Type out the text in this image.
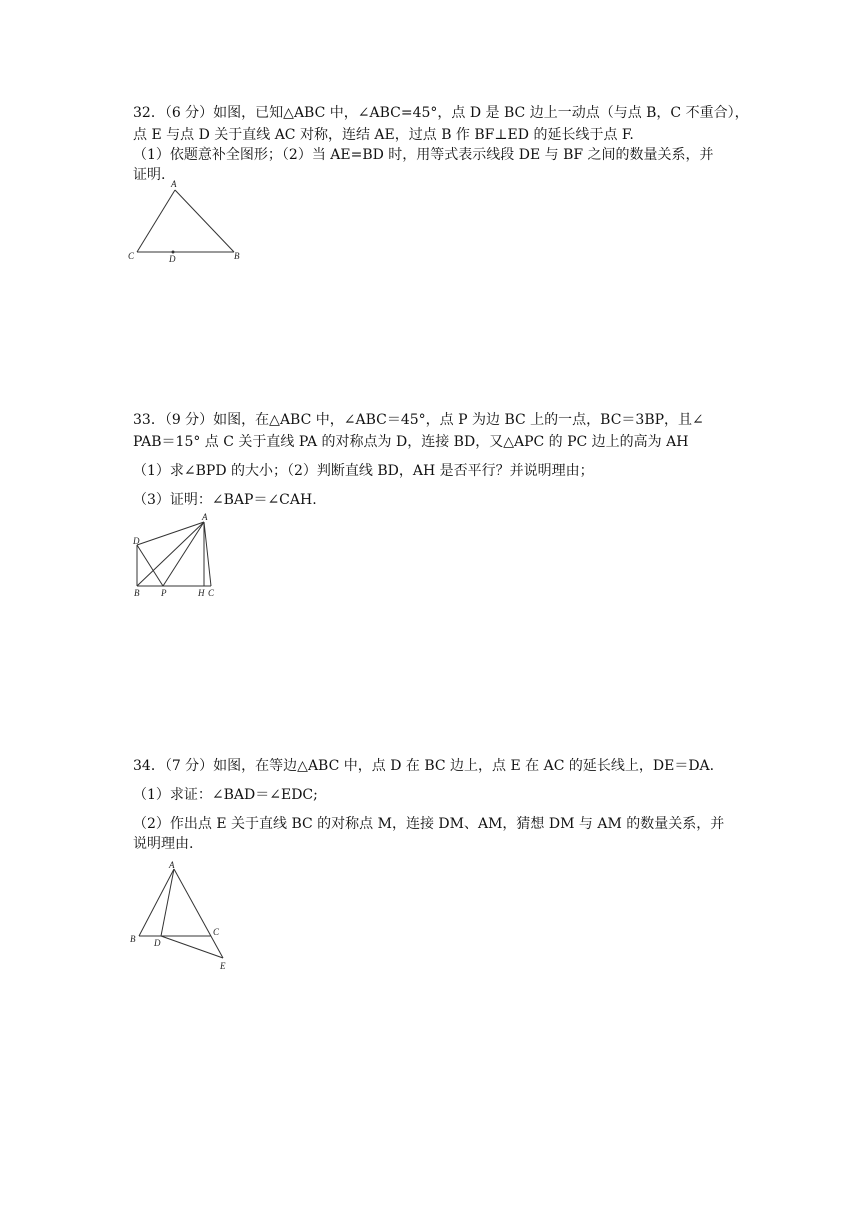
32．（6 分）如图，已知△ABC 中，∠ABC=45°，点 D 是 BC 边上一动点（与点 B，C 不重合），
点 E 与点 D 关于直线 AC 对称，连结 AE，过点 B 作 BF⊥ED 的延长线于点 F.
（1）依题意补全图形；（2）当 AE=BD 时，用等式表示线段 DE 与 BF 之间的数量关系，并
证明.
A
C	D	B
33．（9 分）如图，在△ABC 中，∠ABC＝45°，点 P 为边 BC 上的一点，BC＝3BP，且∠
PAB＝15° 点 C 关于直线 PA 的对称点为 D，连接 BD，又△APC 的 PC 边上的高为 AH
（1）求∠BPD 的大小；（2）判断直线 BD，AH 是否平行？并说明理由；
（3）证明：∠BAP＝∠CAH.
A
D
B P	H C
34．（7 分）如图，在等边△ABC 中，点 D 在 BC 边上，点 E 在 AC 的延长线上，DE＝DA.
（1）求证：∠BAD＝∠EDC;
（2）作出点 E 关于直线 BC 的对称点 M，连接 DM、AM，猜想 DM 与 AM 的数量关系，并
说明理由.
A
B D
C
E
